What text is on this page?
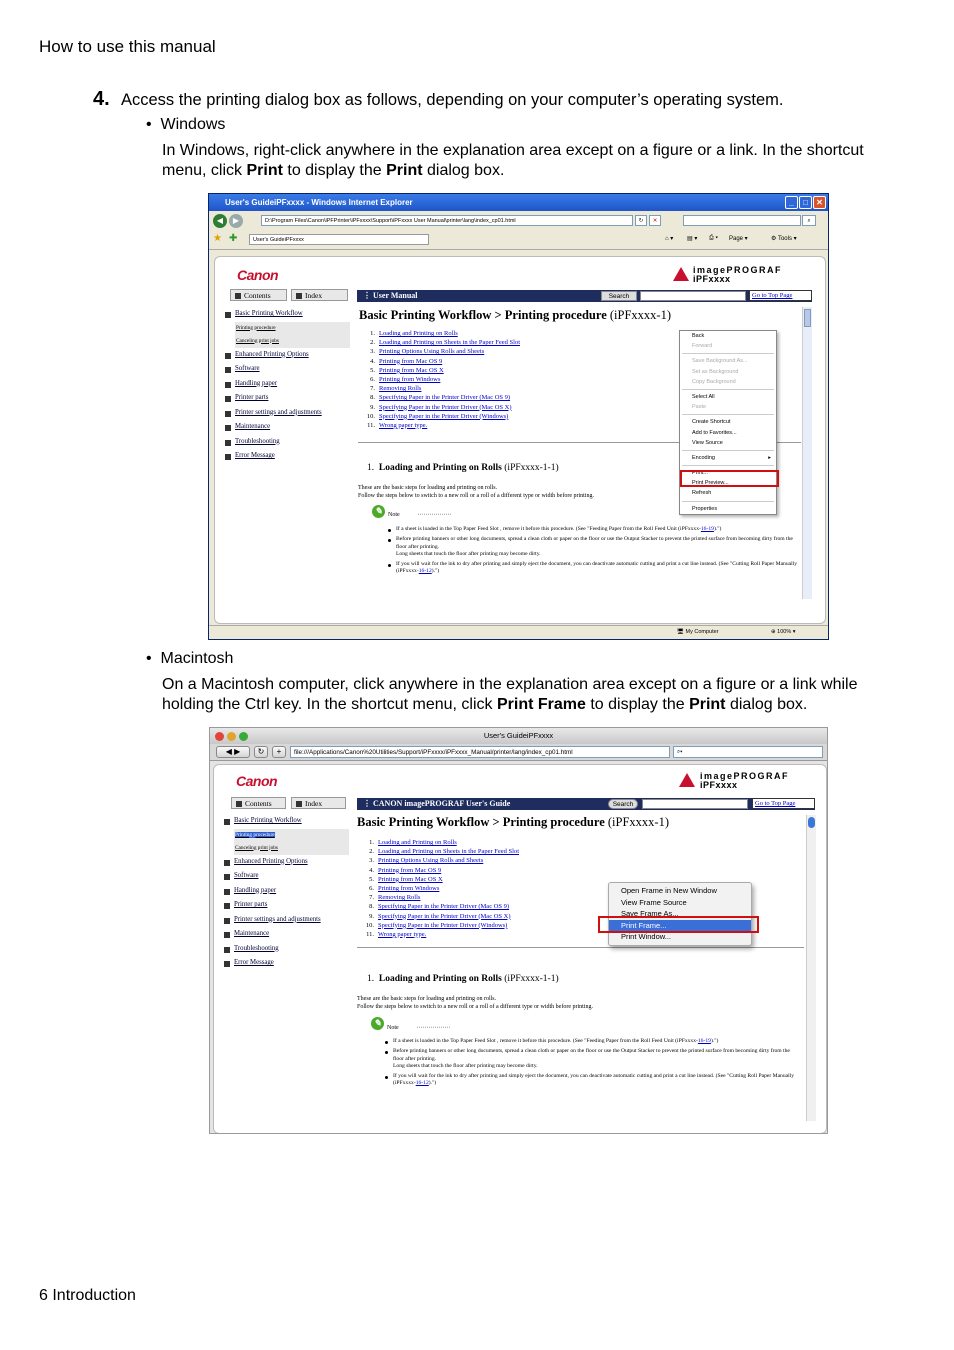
How to use this manual
4. Access the printing dialog box as follows, depending on your computer’s operating system.
•  Windows
In Windows, right-click anywhere in the explanation area except on a figure or a link. In the shortcut menu, click Print to display the Print dialog box.
User's GuideiPFxxxx - Windows Internet Explorer	_	□	✕
◀	▶	D:\Program Files\Canon\iPFPrinter\iPFxxxx\Support\iPFxxxx User Manual\printer\lang\index_cp01.html	↻	✕	⌕
★ ✚	User's GuideiPFxxxx	⌂ ▾ ▤ ▾ ⎙ ▾ Page ▾	⚙ Tools ▾
Canon	imagePROGRAF
iPFxxxx
Contents	Index	⋮ User Manual	Search	Go to Top Page
Basic Printing Workflow
Printing procedure
Canceling print jobs
Enhanced Printing Options
Software
Handling paper
Printer parts
Printer settings and adjustments
Maintenance
Troubleshooting
Error Message
Basic Printing Workflow > Printing procedure (iPFxxxx-1)
1. Loading and Printing on Rolls
2. Loading and Printing on Sheets in the Paper Feed Slot
3. Printing Options Using Rolls and Sheets
4. Printing from Mac OS 9
5. Printing from Mac OS X
6. Printing from Windows
7. Removing Rolls
8. Specifying Paper in the Printer Driver (Mac OS 9)
9. Specifying Paper in the Printer Driver (Mac OS X)
10. Specifying Paper in the Printer Driver (Windows)
11. Wrong paper type.
1. Loading and Printing on Rolls (iPFxxxx-1-1)
These are the basic steps for loading and printing on rolls.
Follow the steps below to switch to a new roll or a roll of a different type or width before printing.
✎ Note	·················
If a sheet is loaded in the Top Paper Feed Slot , remove it before this procedure. (See "Feeding Paper from the Roll Feed Unit (iPFxxxx-16-19).")
Before printing banners or other long documents, spread a clean cloth or paper on the floor or use the Output Stacker to prevent the printed surface from becoming dirty from the floor after printing.
Long sheets that touch the floor after printing may become dirty.
If you will wait for the ink to dry after printing and simply eject the document, you can deactivate automatic cutting and print a cut line instead. (See "Cutting Roll Paper Manually (iPFxxxx-16-12).")
Back
Forward
Save Background As...
Set as Background
Copy Background
Select All
Paste
Create Shortcut
Add to Favorites...
View Source
Encoding	▸
Print...
Print Preview...
Refresh
Properties
🖥 My Computer	⊕ 100% ▾
•  Macintosh
On a Macintosh computer, click anywhere in the explanation area except on a figure or a link while holding the Ctrl key. In the shortcut menu, click Print Frame to display the Print dialog box.
User's GuideiPFxxxx
◀ ▶	↻	+	file:///Applications/Canon%20Utilities/Support/iPFxxxx/iPFxxxx_Manual/printer/lang/index_cp01.html	⌕▾
Canon	imagePROGRAF
iPFxxxx
Contents	Index	⋮ CANON imagePROGRAF User's Guide	Search	Go to Top Page
Basic Printing Workflow
Printing procedure
Canceling print jobs
Enhanced Printing Options
Software
Handling paper
Printer parts
Printer settings and adjustments
Maintenance
Troubleshooting
Error Message
Basic Printing Workflow > Printing procedure (iPFxxxx-1)
1. Loading and Printing on Rolls
2. Loading and Printing on Sheets in the Paper Feed Slot
3. Printing Options Using Rolls and Sheets
4. Printing from Mac OS 9
5. Printing from Mac OS X
6. Printing from Windows
7. Removing Rolls
8. Specifying Paper in the Printer Driver (Mac OS 9)
9. Specifying Paper in the Printer Driver (Mac OS X)
10. Specifying Paper in the Printer Driver (Windows)
11. Wrong paper type.
1. Loading and Printing on Rolls (iPFxxxx-1-1)
These are the basic steps for loading and printing on rolls.
Follow the steps below to switch to a new roll or a roll of a different type or width before printing.
✎ Note	·················
If a sheet is loaded in the Top Paper Feed Slot , remove it before this procedure. (See "Feeding Paper from the Roll Feed Unit (iPFxxxx-16-19).")
Before printing banners or other long documents, spread a clean cloth or paper on the floor or use the Output Stacker to prevent the printed surface from becoming dirty from the floor after printing.
Long sheets that touch the floor after printing may become dirty.
If you will wait for the ink to dry after printing and simply eject the document, you can deactivate automatic cutting and print a cut line instead. (See "Cutting Roll Paper Manually (iPFxxxx-16-12).")
Open Frame in New Window
View Frame Source
Save Frame As...
Print Frame...
Print Window...
6 Introduction
